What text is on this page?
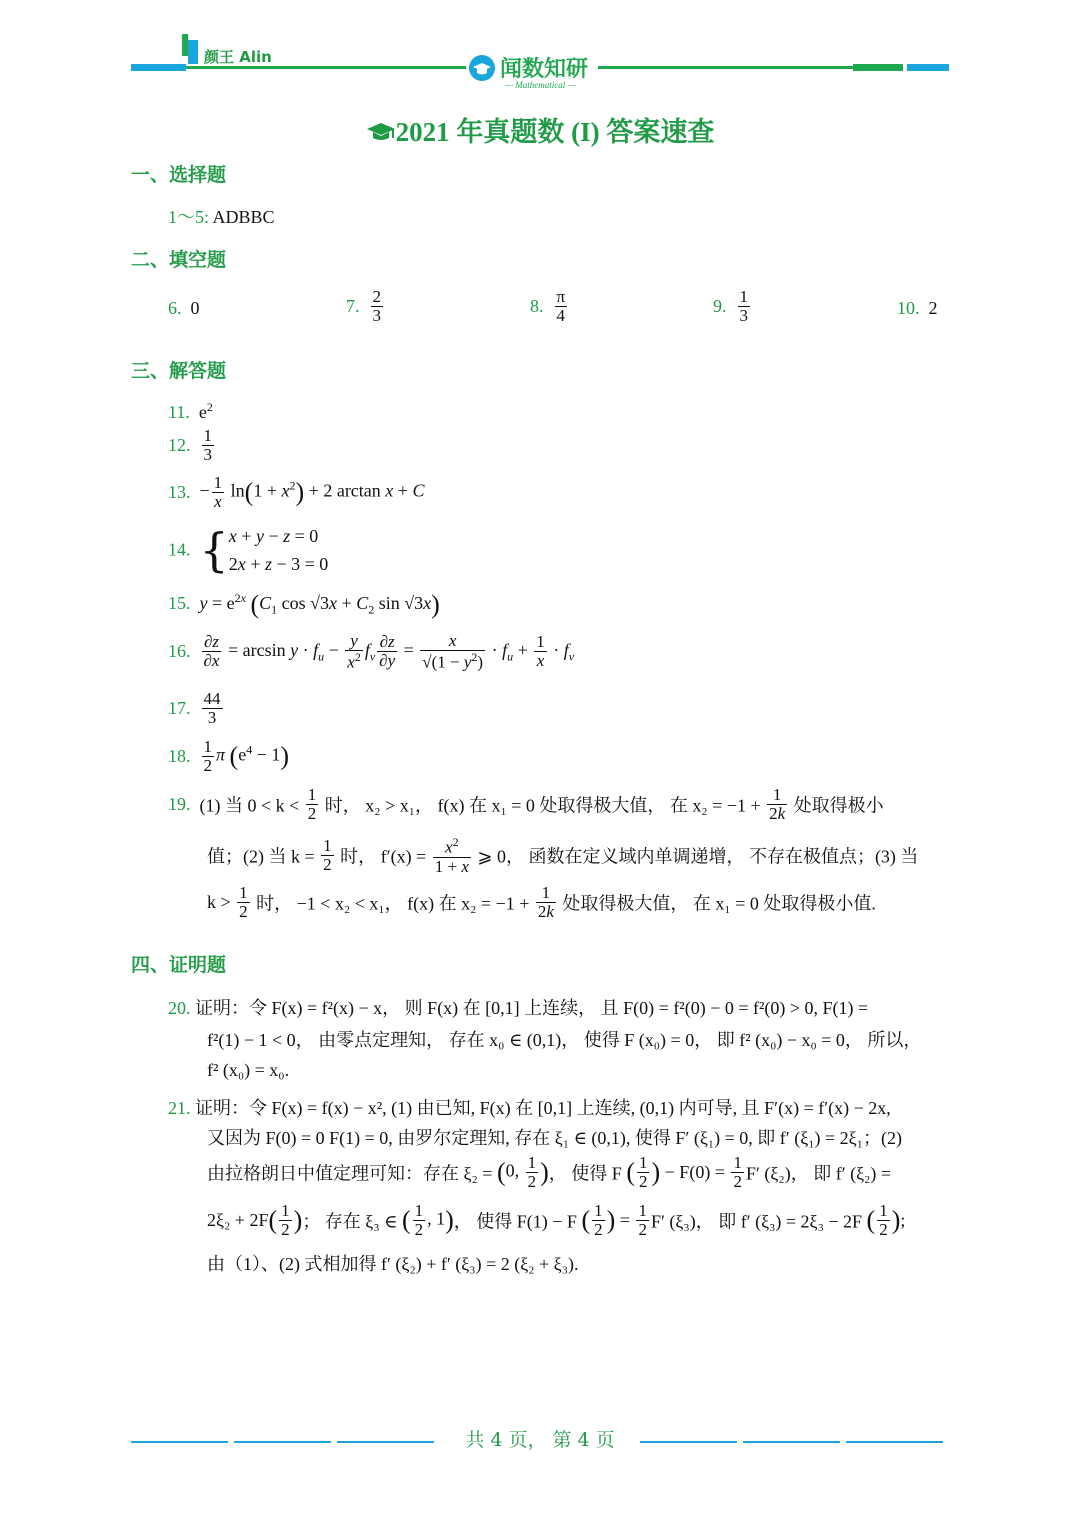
颜王 Alin	闻数知研
— Mathematical —
2021 年真题数 (I) 答案速查
一、选择题
1～5: ADBBC
二、填空题
6. 0	7. $\frac{2}{3}$	8. $\frac{\pi}{4}$	9. $\frac{1}{3}$	10. 2
三、解答题
11.  $e^2$
12. $\frac{1}{3}$
13.  − $\frac{1}{x} \ln(1 + x^2) + 2$ arctan x + C
14. {x + y − z = 0
2x + z − 3 = 0
15. $y = e^{2x}$ ($C_1$ $\cos √3x + C_2$ sin √3x)
16. $\frac{\partial z}{\partial x} = \arcsin y \cdot f_u - \frac{y}{x^2} f_v \frac{\partial z}{\partial y} = \frac{x}{√(1 - y^2)} \cdot f_u + \frac{1}{x} \cdot f_v$
17. $\frac{44}{3}$
18. $\frac{1}{2}$ π $(e^4 - 1)$
19. (1) 当 $0 < k < \frac{1}{2}$ 时， x₂ > x₁， f(x) 在 x₁ = 0 处取得极大值， 在 $x_2 = -1 + \frac{1}{2k}$ 处取得极小
值；(2) 当 $k = \frac{1}{2}$ 时， $f'(x) = \frac{x^2}{1 + x}$ ⩾ 0， 函数在定义域内单调递增， 不存在极值点；(3) 当
$k > \frac{1}{2}$ 时， −1 < x₂ < x₁， f(x) 在 $x_2 = -1 + \frac{1}{2k}$ 处取得极大值， 在 x₁ = 0 处取得极小值.
四、证明题
20. 证明：令 F(x) = f²(x) − x， 则 F(x) 在 [0,1] 上连续， 且 F(0) = f²(0) − 0 = f²(0) > 0, F(1) =
f²(1) − 1 < 0， 由零点定理知， 存在 x₀ ∈ (0,1)， 使得 F (x₀) = 0， 即 f² (x₀) − x₀ = 0， 所以，
f² (x₀) = x₀.
21. 证明：令 F(x) = f(x) − x², (1) 由已知, F(x) 在 [0,1] 上连续, (0,1) 内可导, 且 F′(x) = f′(x) − 2x,
又因为 F(0) = 0 F(1) = 0, 由罗尔定理知, 存在 ξ₁ ∈ (0,1), 使得 F′ (ξ₁) = 0, 即 f′ (ξ₁) = 2ξ₁；(2)
由拉格朗日中值定理可知：存在 ξ₂ = (0, $\frac{1}{2}$ )， 使得 F ( $\frac{1}{2}$ ) − $F(0) = \frac{1}{2} F'$ (ξ₂)， 即 f′ (ξ₂) =
$2\xi_2 + 2F( \frac{1}{2}$ )； 存在 ξ₃ ∈ ( $\frac{1}{2}$ , 1)， 使得 F(1) − F ( $\frac{1}{2}$ ) = $\frac{1}{2} F'$ (ξ₃)， 即 f′ (ξ₃) = 2ξ₃ − 2F ( $\frac{1}{2}$ );
由（1）、(2) 式相加得 f′ (ξ₂) + f′ (ξ₃) = 2 (ξ₂ + ξ₃).
共 4 页， 第 4 页
